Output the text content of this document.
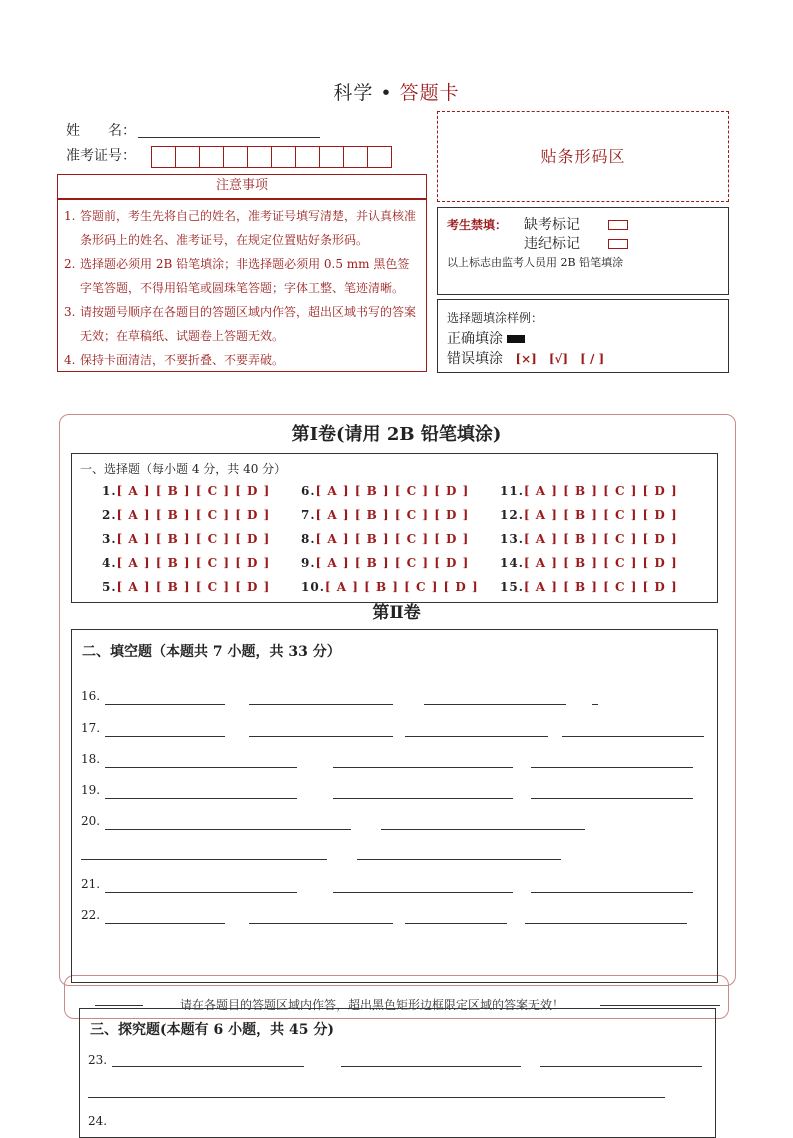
科学 • 答题卡
姓　　名：
准考证号：	贴条形码区
注意事项
1. 答题前，考生先将自己的姓名，准考证号填写清楚，并认真核准条形码上的姓名、准考证号，在规定位置贴好条形码。
2. 选择题必须用 2B 铅笔填涂；非选择题必须用 0.5 mm 黑色签字笔答题，不得用铅笔或圆珠笔答题；字体工整、笔迹清晰。
3. 请按题号顺序在各题目的答题区域内作答，超出区域书写的答案无效；在草稿纸、试题卷上答题无效。
4. 保持卡面清洁，不要折叠、不要弄破。
考生禁填： 缺考标记
违纪标记
以上标志由监考人员用 2B 铅笔填涂
选择题填涂样例：
正确填涂
错误填涂 [×]　[√]　[ / ]
第Ⅰ卷(请用 2B 铅笔填涂)
一、选择题（每小题 4 分，共 40 分）
1.[ A ] [ B ] [ C ] [ D ]
2.[ A ] [ B ] [ C ] [ D ]
3.[ A ] [ B ] [ C ] [ D ]
4.[ A ] [ B ] [ C ] [ D ]
5.[ A ] [ B ] [ C ] [ D ]
6.[ A ] [ B ] [ C ] [ D ]
7.[ A ] [ B ] [ C ] [ D ]
8.[ A ] [ B ] [ C ] [ D ]
9.[ A ] [ B ] [ C ] [ D ]
10.[ A ] [ B ] [ C ] [ D ]
11.[ A ] [ B ] [ C ] [ D ]
12.[ A ] [ B ] [ C ] [ D ]
13.[ A ] [ B ] [ C ] [ D ]
14.[ A ] [ B ] [ C ] [ D ]
15.[ A ] [ B ] [ C ] [ D ]
第Ⅱ卷
二、填空题（本题共 7 小题，共 33 分）
16.
17.
18.
19.
20.
21.
22.
请在各题目的答题区域内作答，超出黑色矩形边框限定区域的答案无效！
三、探究题(本题有 6 小题，共 45 分)
23.
24.
